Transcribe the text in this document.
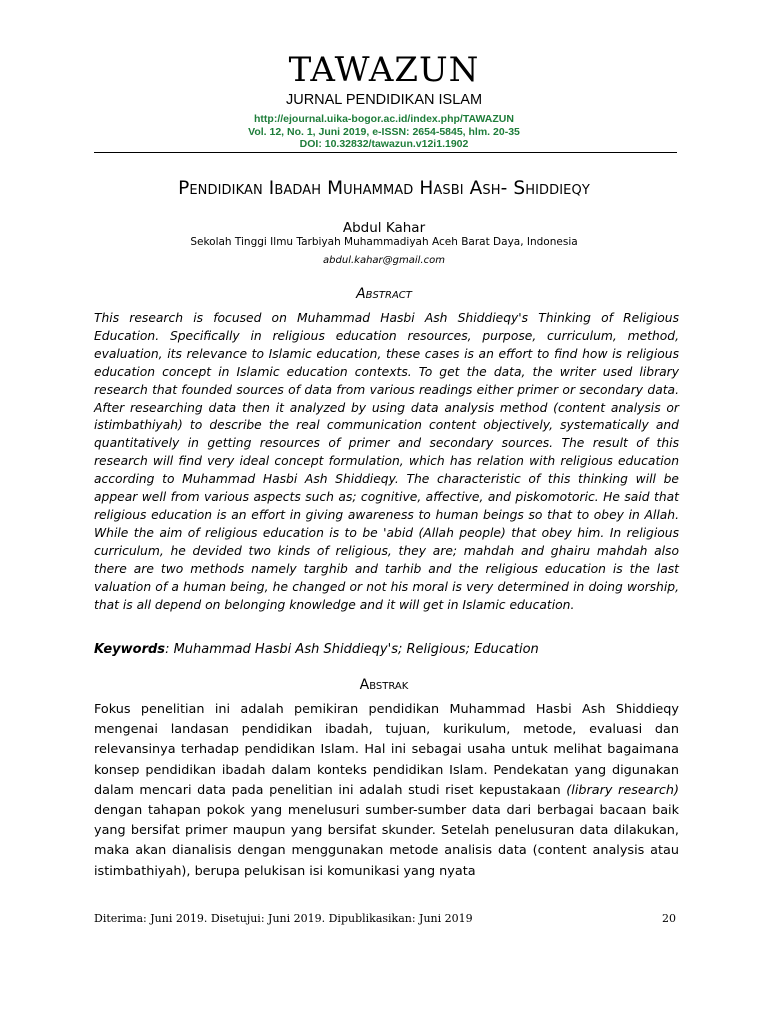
TAWAZUN
JURNAL PENDIDIKAN ISLAM
http://ejournal.uika-bogor.ac.id/index.php/TAWAZUN
Vol. 12, No. 1, Juni 2019, e-ISSN: 2654-5845, hlm. 20-35
DOI: 10.32832/tawazun.v12i1.1902
Pendidikan Ibadah Muhammad Hasbi Ash- Shiddieqy
Abdul Kahar
Sekolah Tinggi Ilmu Tarbiyah Muhammadiyah Aceh Barat Daya, Indonesia
abdul.kahar@gmail.com
Abstract

This research is focused on Muhammad Hasbi Ash Shiddieqy's Thinking of Religious Education. Specifically in religious education resources, purpose, curriculum, method, evaluation, its relevance to Islamic education, these cases is an effort to find how is religious education concept in Islamic education contexts. To get the data, the writer used library research that founded sources of data from various readings either primer or secondary data. After researching data then it analyzed by using data analysis method (content analysis or istimbathiyah) to describe the real communication content objectively, systematically and quantitatively in getting resources of primer and secondary sources. The result of this research will find very ideal concept formulation, which has relation with religious education according to Muhammad Hasbi Ash Shiddieqy. The characteristic of this thinking will be appear well from various aspects such as; cognitive, affective, and piskomotoric. He said that religious education is an effort in giving awareness to human beings so that to obey in Allah. While the aim of religious education is to be 'abid (Allah people) that obey him. In religious curriculum, he devided two kinds of religious, they are; mahdah and ghairu mahdah also there are two methods namely targhib and tarhib and the religious education is the last valuation of a human being, he changed or not his moral is very determined in doing worship, that is all depend on belonging knowledge and it will get in Islamic education.

Keywords: Muhammad Hasbi Ash Shiddieqy's; Religious; Education

Abstrak

Fokus penelitian ini adalah pemikiran pendidikan Muhammad Hasbi Ash Shiddieqy mengenai landasan pendidikan ibadah, tujuan, kurikulum, metode, evaluasi dan relevansinya terhadap pendidikan Islam. Hal ini sebagai usaha untuk melihat bagaimana konsep pendidikan ibadah dalam konteks pendidikan Islam. Pendekatan yang digunakan dalam mencari data pada penelitian ini adalah studi riset kepustakaan (library research) dengan tahapan pokok yang menelusuri sumber-sumber data dari berbagai bacaan baik yang bersifat primer maupun yang bersifat skunder. Setelah penelusuran data dilakukan, maka akan dianalisis dengan menggunakan metode analisis data (content analysis atau istimbathiyah), berupa pelukisan isi komunikasi yang nyata

Diterima: Juni 2019. Disetujui: Juni 2019. Dipublikasikan: Juni 2019	20
